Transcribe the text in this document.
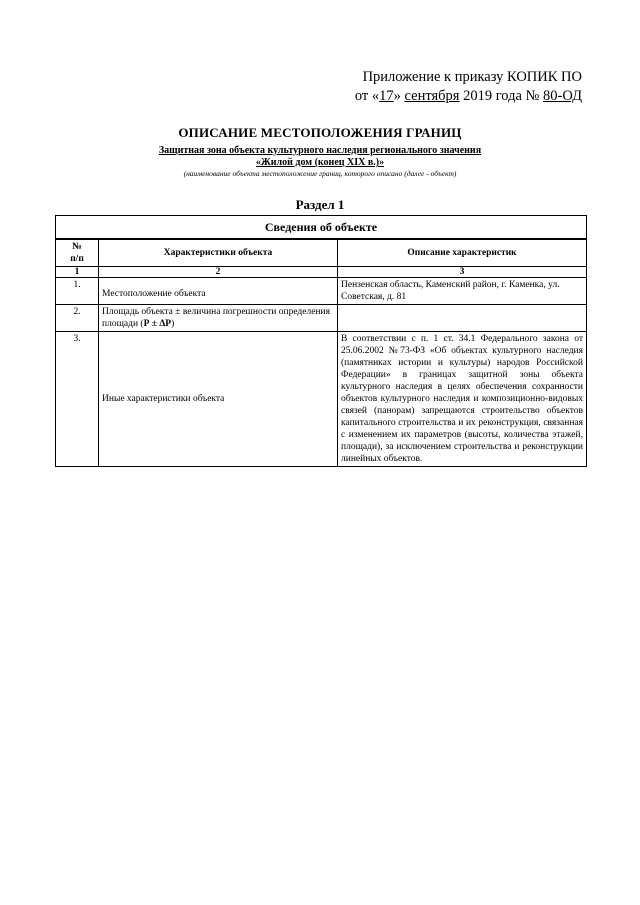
Приложение к приказу КОПИК ПО
от «17» сентября 2019 года № 80-ОД
ОПИСАНИЕ МЕСТОПОЛОЖЕНИЯ ГРАНИЦ
Защитная зона объекта культурного наследия регионального значения
«Жилой дом (конец XIX в.)»
(наименование объекта местоположение границ, которого описано (далее - объект)
Раздел 1
Сведения об объекте		

№
п/п	Характеристики объекта	Описание характеристик
1	2	3
1.	Местоположение объекта	Пензенская область, Каменский район, г. Каменка, ул. Советская, д. 81
2.	Площадь объекта ± величина погрешности определения площади (Р ± ΔР)	
3.	Иные характеристики объекта	В соответствии с п. 1 ст. 34.1 Федерального закона от 25.06.2002 №73-ФЗ «Об объектах культурного наследия (памятниках истории и культуры) народов Российской Федерации» в границах защитной зоны объекта культурного наследия в целях обеспечения сохранности объектов культурного наследия и композиционно-видовых связей (панорам) запрещаются строительство объектов капитального строительства и их реконструкция, связанная с изменением их параметров (высоты, количества этажей, площади), за исключением строительства и реконструкции линейных объектов.
